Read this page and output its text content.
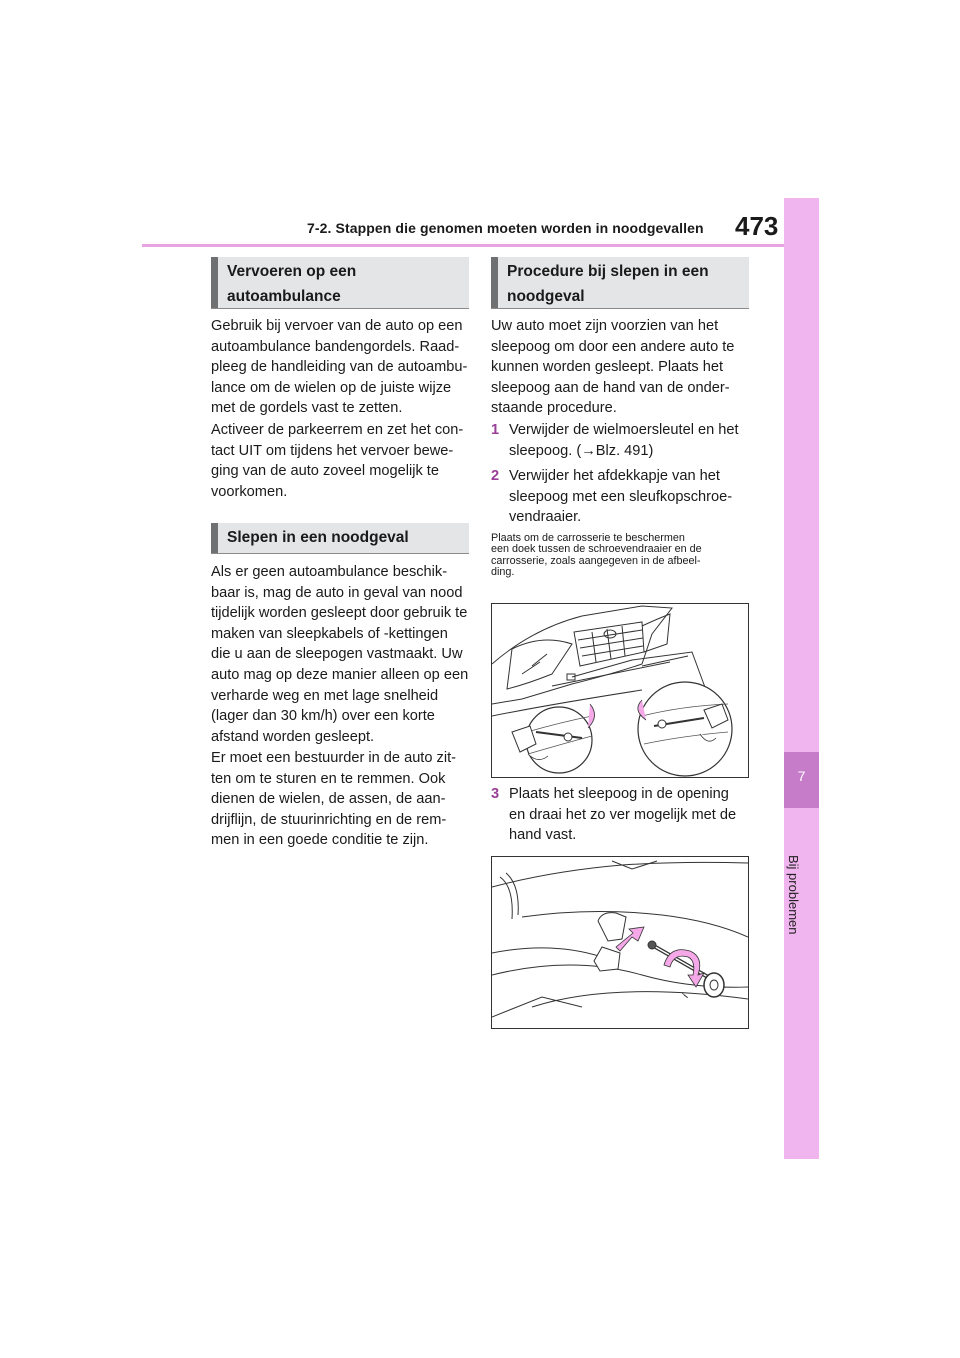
7-2. Stappen die genomen moeten worden in noodgevallen 473
7
Bij problemen
Vervoeren op een
autoambulance
Gebruik bij vervoer van de auto op een
autoambulance bandengordels. Raad-
pleeg de handleiding van de autoambu-
lance om de wielen op de juiste wijze
met de gordels vast te zetten.
Activeer de parkeerrem en zet het con-
tact UIT om tijdens het vervoer bewe-
ging van de auto zoveel mogelijk te
voorkomen.
Slepen in een noodgeval
Als er geen autoambulance beschik-
baar is, mag de auto in geval van nood
tijdelijk worden gesleept door gebruik te
maken van sleepkabels of -kettingen
die u aan de sleepogen vastmaakt. Uw
auto mag op deze manier alleen op een
verharde weg en met lage snelheid
(lager dan 30 km/h) over een korte
afstand worden gesleept.
Er moet een bestuurder in de auto zit-
ten om te sturen en te remmen. Ook
dienen de wielen, de assen, de aan-
drijflijn, de stuurinrichting en de rem-
men in een goede conditie te zijn.
Procedure bij slepen in een
noodgeval
Uw auto moet zijn voorzien van het
sleepoog om door een andere auto te
kunnen worden gesleept. Plaats het
sleepoog aan de hand van de onder-
staande procedure.
1 Verwijder de wielmoersleutel en het
sleepoog. (→Blz. 491)
2 Verwijder het afdekkapje van het
sleepoog met een sleufkopschroe-
vendraaier.
Plaats om de carrosserie te beschermen
een doek tussen de schroevendraaier en de
carrosserie, zoals aangegeven in de afbeel-
ding.
3 Plaats het sleepoog in de opening
en draai het zo ver mogelijk met de
hand vast.
